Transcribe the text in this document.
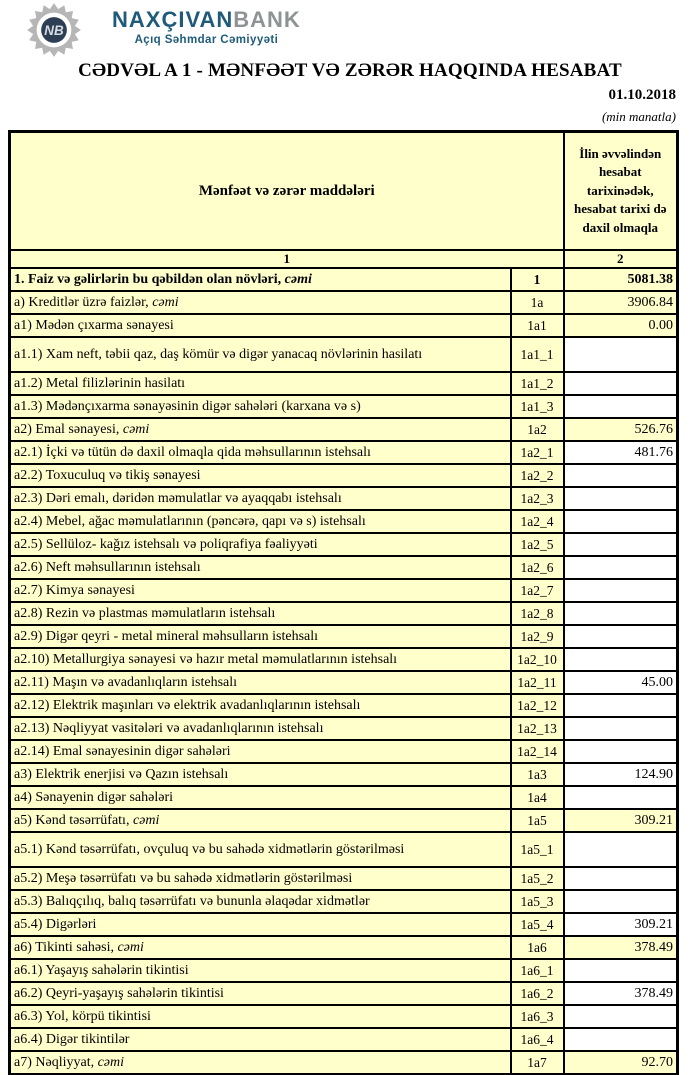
NB NAXÇIVANBANK
Açıq Səhmdar Cəmiyyəti
CƏDVƏL A 1 - MƏNFƏƏT VƏ ZƏRƏR HAQQINDA HESABAT
01.10.2018
(min manatla)
Mənfəət və zərər maddələri		İlin əvvəlindən hesabat tarixinədək, hesabat tarixi də daxil olmaqla
1		2
1. Faiz və gəlirlərin bu qəbildən olan növləri, cəmi	1	5081.38
a) Kreditlər üzrə faizlər, cəmi	1a	3906.84
a1) Mədən çıxarma sənayesi	1a1	0.00
a1.1) Xam neft, təbii qaz, daş kömür və digər yanacaq növlərinin hasilatı	1a1_1	
a1.2) Metal filizlərinin hasilatı	1a1_2	
a1.3) Mədənçıxarma sənayəsinin digər sahələri (karxana və s)	1a1_3	
a2) Emal sənayesi, cəmi	1a2	526.76
a2.1) İçki və tütün də daxil olmaqla qida məhsullarının istehsalı	1a2_1	481.76
a2.2) Toxuculuq və tikiş sənayesi	1a2_2	
a2.3) Dəri emalı, dəridən məmulatlar və ayaqqabı istehsalı	1a2_3	
a2.4) Mebel, ağac məmulatlarının (pəncərə, qapı və s) istehsalı	1a2_4	
a2.5) Sellüloz- kağız istehsalı və poliqrafiya fəaliyyəti	1a2_5	
a2.6) Neft məhsullarının istehsalı	1a2_6	
a2.7) Kimya sənayesi	1a2_7	
a2.8) Rezin və plastmas məmulatların istehsalı	1a2_8	
a2.9) Digər qeyri - metal mineral məhsulların istehsalı	1a2_9	
a2.10) Metallurgiya sənayesi və hazır metal məmulatlarının istehsalı	1a2_10	
a2.11) Maşın və avadanlıqların istehsalı	1a2_11	45.00
a2.12) Elektrik maşınları və elektrik avadanlıqlarının istehsalı	1a2_12	
a2.13) Nəqliyyat vasitələri və avadanlıqlarının istehsalı	1a2_13	
a2.14) Emal sənayesinin digər sahələri	1a2_14	
a3) Elektrik enerjisi və Qazın istehsalı	1a3	124.90
a4) Sənayenin digər sahələri	1a4	
a5) Kənd təsərrüfatı, cəmi	1a5	309.21
a5.1) Kənd təsərrüfatı, ovçuluq və bu sahədə xidmətlərin göstərilməsi	1a5_1	
a5.2) Meşə təsərrüfatı və bu sahədə xidmətlərin göstərilməsi	1a5_2	
a5.3) Balıqçılıq, balıq təsərrüfatı və bununla əlaqədar xidmətlər	1a5_3	
a5.4) Digərləri	1a5_4	309.21
a6) Tikinti sahəsi, cəmi	1a6	378.49
a6.1) Yaşayış sahələrin tikintisi	1a6_1	
a6.2) Qeyri-yaşayış sahələrin tikintisi	1a6_2	378.49
a6.3) Yol, körpü tikintisi	1a6_3	
a6.4) Digər tikintilər	1a6_4	
a7) Nəqliyyat, cəmi	1a7	92.70
